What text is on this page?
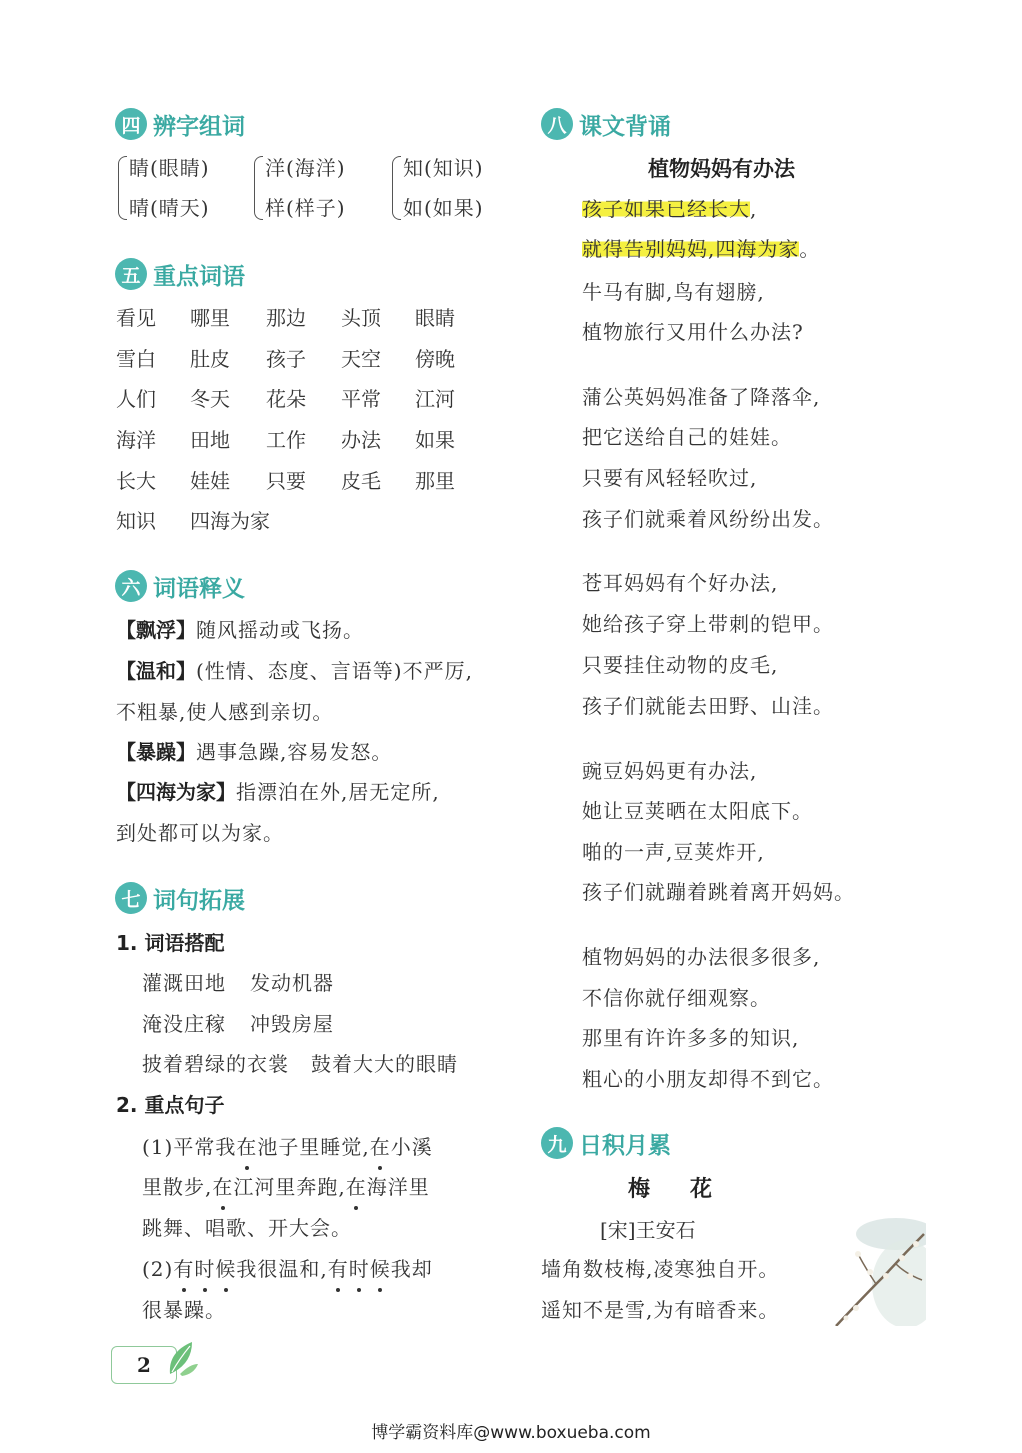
四 辨字组词
睛(眼睛)
晴(晴天)
洋(海洋)
样(样子)
知(知识)
如(如果)
五 重点词语
看见 哪里 那边 头顶 眼睛
雪白 肚皮 孩子 天空 傍晚
人们 冬天 花朵 平常 江河
海洋 田地 工作 办法 如果
长大 娃娃 只要 皮毛 那里
知识 四海为家
六 词语释义
【飘浮】随风摇动或飞扬。
【温和】(性情、态度、言语等)不严厉,
不粗暴,使人感到亲切。
【暴躁】遇事急躁,容易发怒。
【四海为家】指漂泊在外,居无定所,
到处都可以为家。
七 词句拓展
1. 词语搭配
灌溉田地 发动机器
淹没庄稼 冲毁房屋
披着碧绿的衣裳 鼓着大大的眼睛
2. 重点句子
(1)平常我在池子里睡觉,在小溪
里散步,在江河里奔跑,在海洋里
跳舞、唱歌、开大会。
(2)有时候我很温和,有时候我却
很暴躁。
八 课文背诵
植物妈妈有办法
孩子如果已经长大,
就得告别妈妈,四海为家。
牛马有脚,鸟有翅膀,
植物旅行又用什么办法?
蒲公英妈妈准备了降落伞,
把它送给自己的娃娃。
只要有风轻轻吹过,
孩子们就乘着风纷纷出发。
苍耳妈妈有个好办法,
她给孩子穿上带刺的铠甲。
只要挂住动物的皮毛,
孩子们就能去田野、山洼。
豌豆妈妈更有办法,
她让豆荚晒在太阳底下。
啪的一声,豆荚炸开,
孩子们就蹦着跳着离开妈妈。
植物妈妈的办法很多很多,
不信你就仔细观察。
那里有许许多多的知识,
粗心的小朋友却得不到它。
九 日积月累
梅花
[宋]王安石
墙角数枝梅,凌寒独自开。
遥知不是雪,为有暗香来。
2
博学霸资料库@www.boxueba.com
